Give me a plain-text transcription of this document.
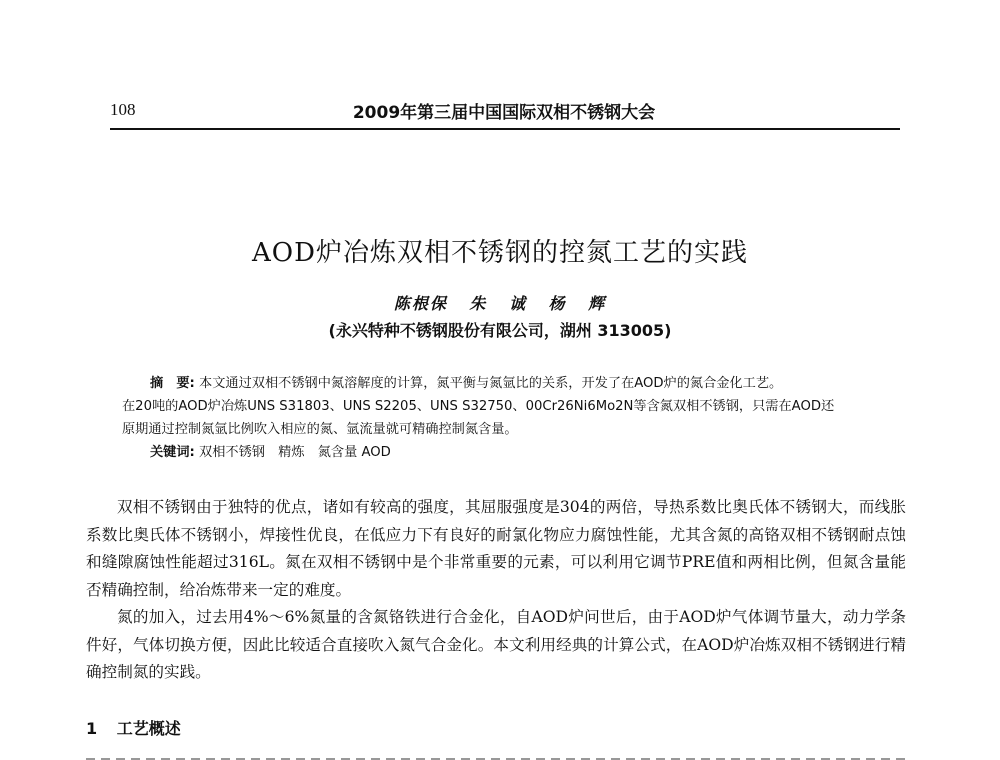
108	2009年第三届中国国际双相不锈钢大会
AOD炉冶炼双相不锈钢的控氮工艺的实践
陈根保 朱 诚 杨 辉
(永兴特种不锈钢股份有限公司，湖州 313005)

摘　要: 本文通过双相不锈钢中氮溶解度的计算，氮平衡与氮氩比的关系，开发了在AOD炉的氮合金化工艺。

在20吨的AOD炉冶炼UNS S31803、UNS S2205、UNS S32750、00Cr26Ni6Mo2N等含氮双相不锈钢，只需在AOD还

原期通过控制氮氩比例吹入相应的氮、氩流量就可精确控制氮含量。

关键词: 双相不锈钢　精炼　氮含量 AOD

双相不锈钢由于独特的优点，诸如有较高的强度，其屈服强度是304的两倍，导热系数比奥氏体不锈钢大，而线胀系数比奥氏体不锈钢小，焊接性优良，在低应力下有良好的耐氯化物应力腐蚀性能，尤其含氮的高铬双相不锈钢耐点蚀和缝隙腐蚀性能超过316L。氮在双相不锈钢中是个非常重要的元素，可以利用它调节PRE值和两相比例，但氮含量能否精确控制，给冶炼带来一定的难度。

氮的加入，过去用4%～6%氮量的含氮铬铁进行合金化，自AOD炉问世后，由于AOD炉气体调节量大，动力学条件好，气体切换方便，因此比较适合直接吹入氮气合金化。本文利用经典的计算公式，在AOD炉冶炼双相不锈钢进行精确控制氮的实践。

1 工艺概述
